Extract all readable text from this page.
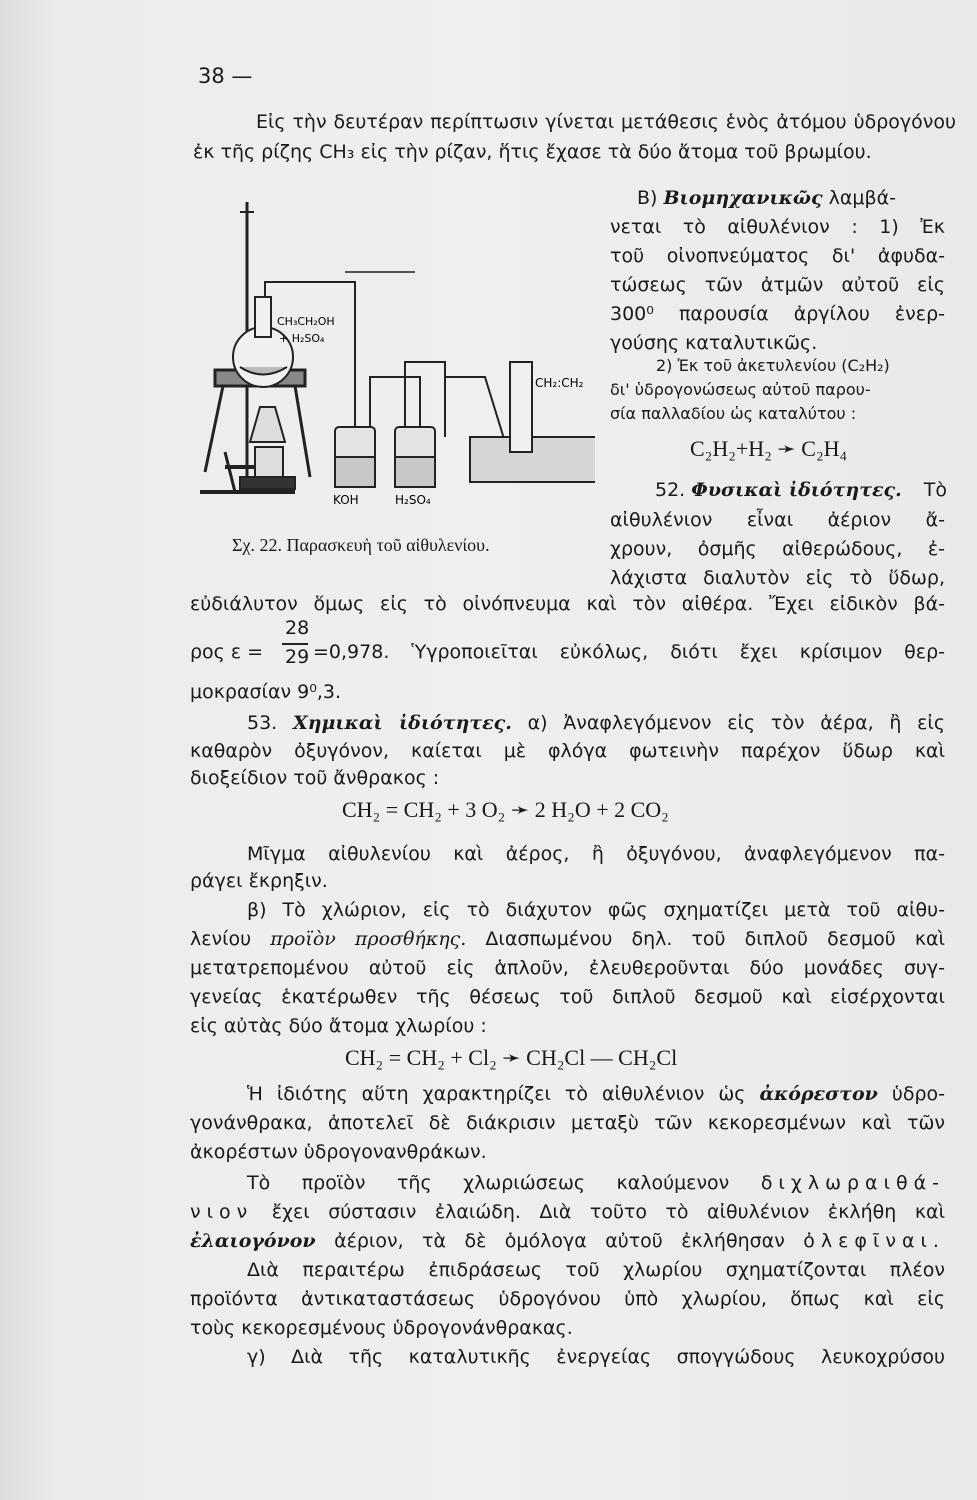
38 —
Εἰς τὴν δευτέραν περίπτωσιν γίνεται μετάθεσις ἑνὸς ἀτόμου ὑδρογόνου
ἐκ τῆς ρίζης CH₃ εἰς τὴν ρίζαν, ἥτις ἔχασε τὰ δύο ἄτομα τοῦ βρωμίου.
CH₃CH₂OH
+ H₂SO₄
KOH	H₂SO₄
CH₂:CH₂
Σχ. 22. Παρασκευὴ τοῦ αἰθυλενίου.
Β) Βιομηχανικῶς λαμβά-
νεται τὸ αἰθυλένιον : 1) Ἐκ
τοῦ οἰνοπνεύματος δι' ἀφυδα-
τώσεως τῶν ἀτμῶν αὐτοῦ εἰς
300⁰ παρουσία ἀργίλου ἐνερ-
γούσης καταλυτικῶς.
2) Ἐκ τοῦ ἀκετυλενίου (C₂H₂)
δι' ὑδρογονώσεως αὐτοῦ παρου-
σία παλλαδίου ὡς καταλύτου :
C₂H₂+H₂ ➛ C₂H₄
52. Φυσικαὶ ἰδιότητες. Τὸ
αἰθυλένιον εἶναι ἀέριον ἄ-
χρουν, ὀσμῆς αἰθερώδους, ἐ-
λάχιστα διαλυτὸν εἰς τὸ ὕδωρ,
εὐδιάλυτον ὅμως εἰς τὸ οἰνόπνευμα καὶ τὸν αἰθέρα. Ἔχει εἰδικὸν βά-
ρος ε =
28
29 =0,978. Ὑγροποιεῖται εὐκόλως, διότι ἔχει κρίσιμον θερ-
μοκρασίαν 9⁰,3.
53. Χημικαὶ ἰδιότητες. α) Ἀναφλεγόμενον εἰς τὸν ἀέρα, ἢ εἰς
καθαρὸν ὀξυγόνον, καίεται μὲ φλόγα φωτεινὴν παρέχον ὕδωρ καὶ
διοξείδιον τοῦ ἄνθρακος :
CH₂ = CH₂ + 3 O₂ ➛ 2 H₂O + 2 CO₂
Μῖγμα αἰθυλενίου καὶ ἀέρος, ἢ ὀξυγόνου, ἀναφλεγόμενον πα-
ράγει ἔκρηξιν.
β) Τὸ χλώριον, εἰς τὸ διάχυτον φῶς σχηματίζει μετὰ τοῦ αἰθυ-
λενίου προϊὸν προσθήκης. Διασπωμένου δηλ. τοῦ διπλοῦ δεσμοῦ καὶ
μετατρεπομένου αὐτοῦ εἰς ἁπλοῦν, ἐλευθεροῦνται δύο μονάδες συγ-
γενείας ἑκατέρωθεν τῆς θέσεως τοῦ διπλοῦ δεσμοῦ καὶ εἰσέρχονται
εἰς αὐτὰς δύο ἄτομα χλωρίου :
CH₂ = CH₂ + Cl₂ ➛ CH₂Cl — CH₂Cl
Ἡ ἰδιότης αὕτη χαρακτηρίζει τὸ αἰθυλένιον ὡς ἀκόρεστον ὑδρο-
γονάνθρακα, ἀποτελεῖ δὲ διάκρισιν μεταξὺ τῶν κεκορεσμένων καὶ τῶν
ἀκορέστων ὑδρογονανθράκων.
Τὸ προϊὸν τῆς χλωριώσεως καλούμενον διχλωραιθά-
νιον ἔχει σύστασιν ἐλαιώδη. Διὰ τοῦτο τὸ αἰθυλένιον ἐκλήθη καὶ
ἐλαιογόνον ἀέριον, τὰ δὲ ὁμόλογα αὐτοῦ ἐκλήθησαν ὀλεφῖναι.
Διὰ περαιτέρω ἐπιδράσεως τοῦ χλωρίου σχηματίζονται πλέον
προϊόντα ἀντικαταστάσεως ὑδρογόνου ὑπὸ χλωρίου, ὅπως καὶ εἰς
τοὺς κεκορεσμένους ὑδρογονάνθρακας.
γ) Διὰ τῆς καταλυτικῆς ἐνεργείας σπογγώδους λευκοχρύσου
